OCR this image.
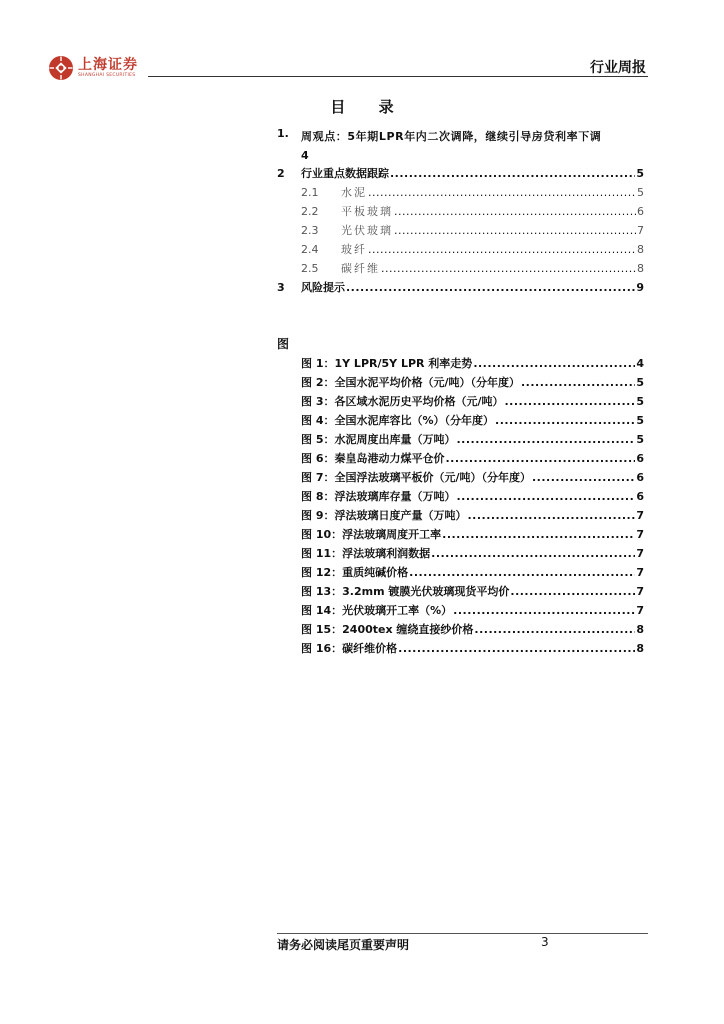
上海证券
SHANGHAI SECURITIES	行业周报
目 录
1.	周观点：5年期LPR年内二次调降，继续引导房贷利率下调
4
2	行业重点数据跟踪 .....	5
2.1	水泥 .....	5
2.2	平板玻璃 .....	6
2.3	光伏玻璃 .....	7
2.4	玻纤 .....	8
2.5	碳纤维 .....	8
3	风险提示 .....	9
图
图 1：1Y LPR/5Y LPR 利率走势 .....	4
图 2：全国水泥平均价格（元/吨）（分年度） .....	5
图 3：各区域水泥历史平均价格（元/吨） .....	5
图 4：全国水泥库容比（%）（分年度） .....	5
图 5：水泥周度出库量（万吨） .....	5
图 6：秦皇岛港动力煤平仓价 .....	6
图 7：全国浮法玻璃平板价（元/吨）（分年度） .....	6
图 8：浮法玻璃库存量（万吨） .....	6
图 9：浮法玻璃日度产量（万吨） .....	7
图 10：浮法玻璃周度开工率 .....	7
图 11：浮法玻璃利润数据 .....	7
图 12：重质纯碱价格 .....	7
图 13：3.2mm 镀膜光伏玻璃现货平均价 .....	7
图 14：光伏玻璃开工率（%） .....	7
图 15：2400tex 缠绕直接纱价格 .....	8
图 16：碳纤维价格 .....	8
请务必阅读尾页重要声明	3
